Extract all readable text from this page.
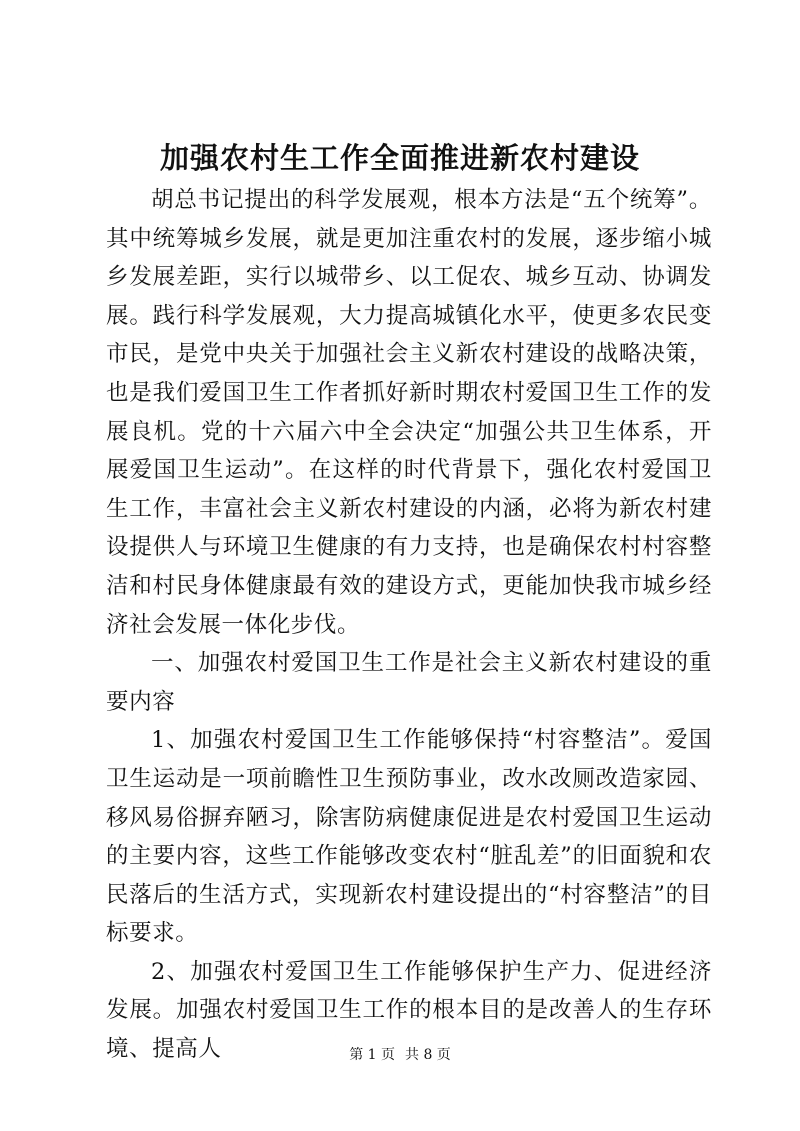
加强农村生工作全面推进新农村建设

胡总书记提出的科学发展观，根本方法是“五个统筹”。其中统筹城乡发展，就是更加注重农村的发展，逐步缩小城乡发展差距，实行以城带乡、以工促农、城乡互动、协调发展。践行科学发展观，大力提高城镇化水平，使更多农民变市民，是党中央关于加强社会主义新农村建设的战略决策，也是我们爱国卫生工作者抓好新时期农村爱国卫生工作的发展良机。党的十六届六中全会决定“加强公共卫生体系，开展爱国卫生运动”。在这样的时代背景下，强化农村爱国卫生工作，丰富社会主义新农村建设的内涵，必将为新农村建设提供人与环境卫生健康的有力支持，也是确保农村村容整洁和村民身体健康最有效的建设方式，更能加快我市城乡经济社会发展一体化步伐。

一、加强农村爱国卫生工作是社会主义新农村建设的重要内容

1、加强农村爱国卫生工作能够保持“村容整洁”。爱国卫生运动是一项前瞻性卫生预防事业，改水改厕改造家园、移风易俗摒弃陋习，除害防病健康促进是农村爱国卫生运动的主要内容，这些工作能够改变农村“脏乱差”的旧面貌和农民落后的生活方式，实现新农村建设提出的“村容整洁”的目标要求。

2、加强农村爱国卫生工作能够保护生产力、促进经济发展。加强农村爱国卫生工作的根本目的是改善人的生存环境、提高人	第 1 页 共 8 页
